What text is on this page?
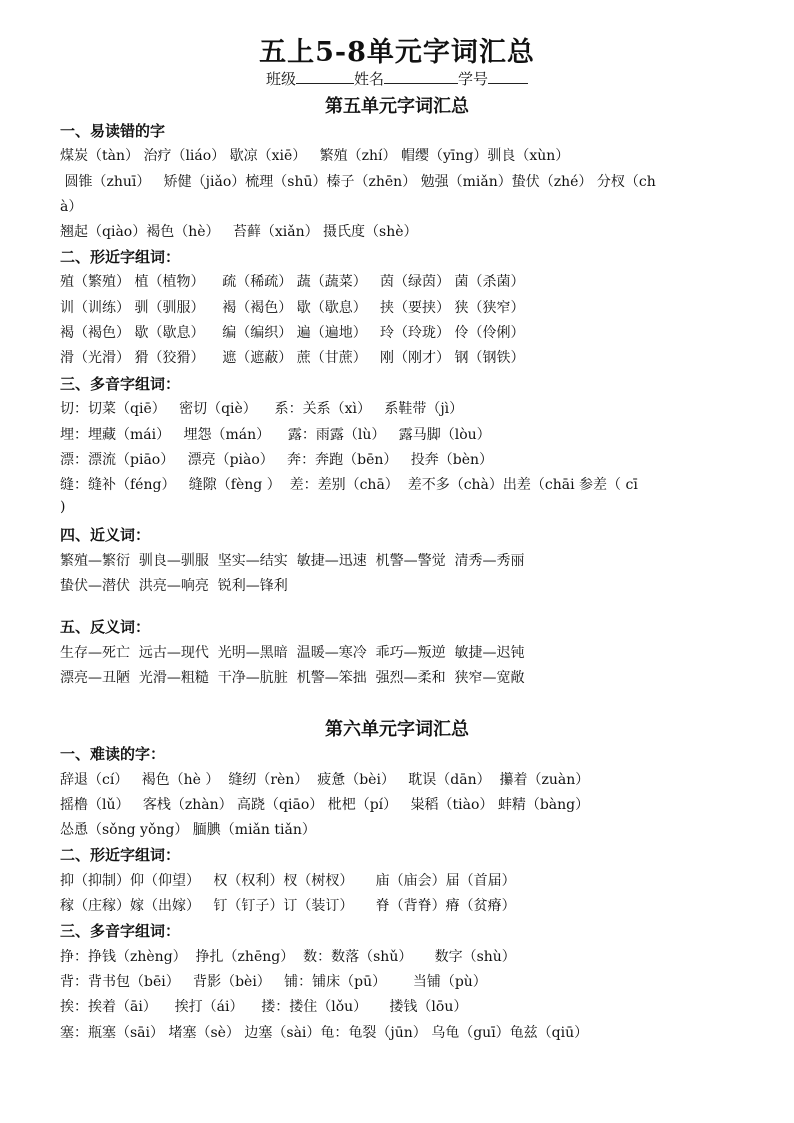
五上5-8单元字词汇总
班级	姓名	学号
第五单元字词汇总
一、易读错的字
煤炭（tàn） 治疗（liáo） 歇凉（xiē）   繁殖（zhí） 帽缨（yīng）驯良（xùn）
圆锥（zhuī）   矫健（jiǎo）梳理（shū）榛子（zhēn） 勉强（miǎn）蛰伏（zhé） 分杈（ch
à）
翘起（qiào）褐色（hè）   苔藓（xiǎn） 摄氏度（shè）
二、形近字组词：
殖（繁殖） 植（植物）    疏（稀疏） 蔬（蔬菜）   茵（绿茵） 菌（杀菌）
训（训练） 驯（驯服）    褐（褐色） 歇（歇息）   挟（要挟） 狭（狭窄）
褐（褐色） 歇（歇息）    编（编织） 遍（遍地）   玲（玲珑） 伶（伶俐）
滑（光滑） 猾（狡猾）    遮（遮蔽） 蔗（甘蔗）   刚（刚才） 钢（钢铁）
三、多音字组词：
切：切菜（qiē）   密切（qiè）    系：关系（xì）   系鞋带（jì）
埋：埋藏（mái）   埋怨（mán）    露：雨露（lù）   露马脚（lòu）
漂：漂流（piāo）   漂亮（piào）   奔：奔跑（bēn）   投奔（bèn）
缝：缝补（féng）   缝隙（fèng ）  差：差别（chā）  差不多（chà）出差（chāi 参差（ cī
)
四、近义词：
繁殖—繁衍  驯良—驯服  坚实—结实  敏捷—迅速  机警—警觉  清秀—秀丽
蛰伏—潜伏  洪亮—响亮  锐利—锋利
五、反义词：
生存—死亡  远古—现代  光明—黑暗  温暖—寒冷  乖巧—叛逆  敏捷—迟钝
漂亮—丑陋  光滑—粗糙  干净—肮脏  机警—笨拙  强烈—柔和  狭窄—宽敞
第六单元字词汇总
一、难读的字：
辞退（cí）   褐色（hè ）  缝纫（rèn）  疲惫（bèi）   耽误（dān）  攥着（zuàn）
摇橹（lǔ）   客栈（zhàn） 高跷（qiāo） 枇杷（pí）   粜稻（tiào） 蚌精（bàng）
怂恿（sǒng yǒng） 腼腆（miǎn tiǎn）
二、形近字组词：
抑（抑制）仰（仰望）   权（权利）杈（树杈）     庙（庙会）届（首届）
稼（庄稼）嫁（出嫁）   钉（钉子）订（装订）     脊（背脊）瘠（贫瘠）
三、多音字组词：
挣：挣钱（zhèng）  挣扎（zhēng）  数：数落（shǔ）     数字（shù）
背：背书包（bēi）   背影（bèi）   铺：铺床（pū）      当铺（pù）
挨：挨着（āi）    挨打（ái）    搂：搂住（lǒu）     搂钱（lōu）
塞：瓶塞（sāi） 堵塞（sè） 边塞（sài）龟：龟裂（jūn） 乌龟（guī）龟兹（qiū）
